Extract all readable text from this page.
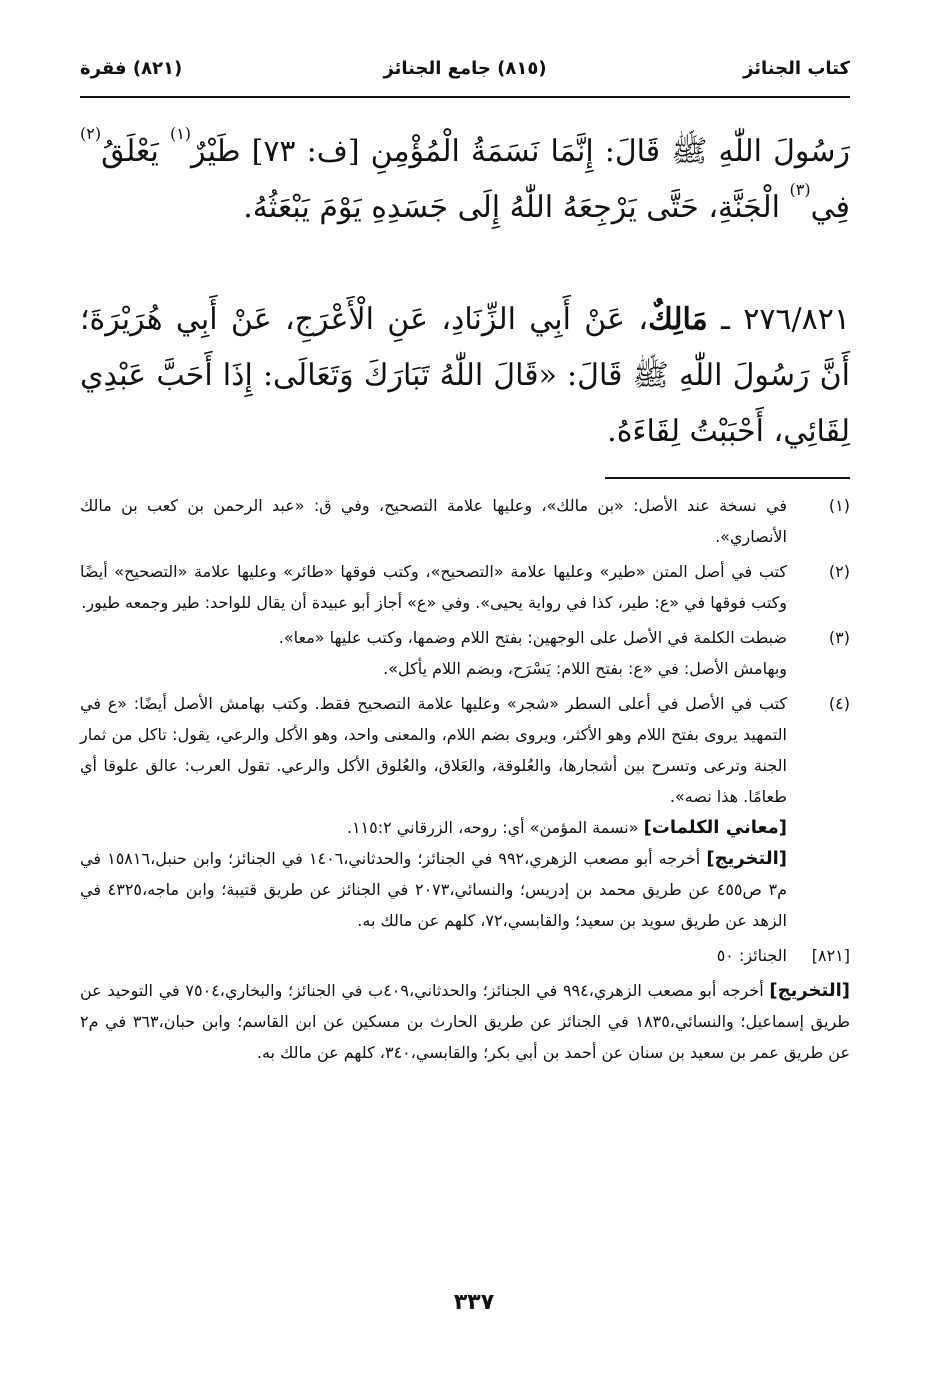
كتاب الجنائز
(٨١٥) جامع الجنائز
(٨٢١) فقرة

رَسُولَ اللّٰهِ ﷺ قَالَ: إِنَّمَا نَسَمَةُ الْمُؤْمِنِ [ف: ٧٣] طَيْرٌ$^{(١)}$ يَعْلَقُ$^{(٢)}$ فِي$^{(٣)}$ الْجَنَّةِ، حَتَّى يَرْجِعَهُ اللّٰهُ إِلَى جَسَدِهِ يَوْمَ يَبْعَثُهُ.

٢٧٦/٨٢١ ـ مَالِكٌ، عَنْ أَبِي الزِّنَادِ، عَنِ الْأَعْرَجِ، عَنْ أَبِي هُرَيْرَةَ؛ أَنَّ رَسُولَ اللّٰهِ ﷺ قَالَ: «قَالَ اللّٰهُ تَبَارَكَ وَتَعَالَى: إِذَا أَحَبَّ عَبْدِي لِقَائِي، أَحْبَبْتُ لِقَاءَهُ.

(١)

في نسخة عند الأصل: «بن مالك»، وعليها علامة التصحيح، وفي ق: «عبد الرحمن بن كعب بن مالك الأنصاري».

(٢)

كتب في أصل المتن «طير» وعليها علامة «التصحيح»، وكتب فوقها «طائر» وعليها علامة «التصحيح» أيضًا وكتب فوقها في «ع: طير، كذا في رواية يحيى». وفي «ع» أجاز أبو عبيدة أن يقال للواحد: طير وجمعه طيور.

(٣)

ضبطت الكلمة في الأصل على الوجهين: بفتح اللام وضمها، وكتب عليها «معا».

وبهامش الأصل: في «ع: بفتح اللام: يَسْرَح، وبضم اللام يأكل».

(٤)

كتب في الأصل في أعلى السطر «شجر» وعليها علامة التصحيح فقط. وكتب بهامش الأصل أيضًا: «ع في التمهيد يروى بفتح اللام وهو الأكثر، ويروى بضم اللام، والمعنى واحد، وهو الأكل والرعي، يقول: تاكل من ثمار الجنة وترعى وتسرح بين أشجارها، والعُلوقة، والعَلاق، والعُلوق الأكل والرعي. تقول العرب: عالق علوقا أي طعامًا. هذا نصه».

[معاني الكلمات] «نسمة المؤمن» أي: روحه، الزرقاني ١١٥:٢.

[التخريج] أخرجه أبو مصعب الزهري،٩٩٢ في الجنائز؛ والحدثاني،١٤٠٦ في الجنائز؛ وابن حنبل،١٥٨١٦ في م٣ ص٤٥٥ عن طريق محمد بن إدريس؛ والنسائي،٢٠٧٣ في الجنائز عن طريق قتيبة؛ وابن ماجه،٤٣٢٥ في الزهد عن طريق سويد بن سعيد؛ والقابسي،٧٢، كلهم عن مالك به.

[٨٢١]

الجنائز: ٥٠

[التخريج] أخرجه أبو مصعب الزهري،٩٩٤ في الجنائز؛ والحدثاني،٤٠٩ب في الجنائز؛ والبخاري،٧٥٠٤ في التوحيد عن طريق إسماعيل؛ والنسائي،١٨٣٥ في الجنائز عن طريق الحارث بن مسكين عن ابن القاسم؛ وابن حبان،٣٦٣ في م٢ عن طريق عمر بن سعيد بن سنان عن أحمد بن أبي بكر؛ والقابسي،٣٤٠، كلهم عن مالك به.

٣٣٧
